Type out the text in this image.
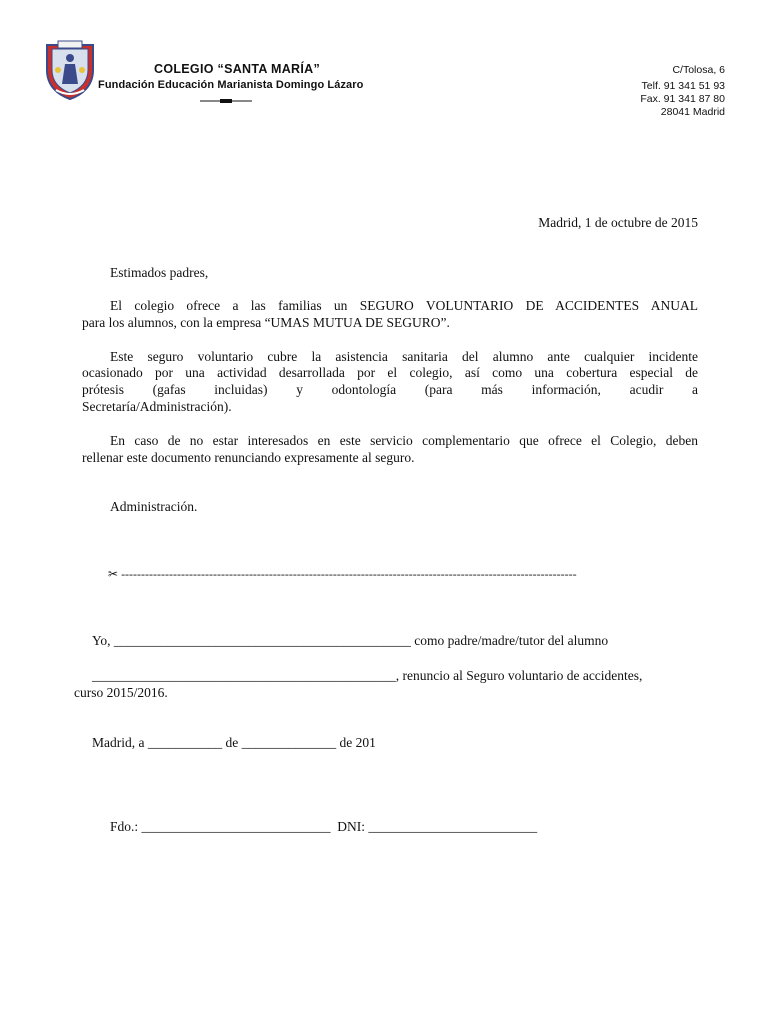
COLEGIO “SANTA MARÍA”
Fundación Educación Marianista Domingo Lázaro
C/Tolosa, 6
Telf. 91 341 51 93
Fax. 91 341 87 80
28041 Madrid
Madrid, 1 de octubre de 2015
Estimados padres,
El colegio ofrece a las familias un SEGURO VOLUNTARIO DE ACCIDENTES ANUAL
para los alumnos, con la empresa “UMAS MUTUA DE SEGURO”.
Este seguro voluntario cubre la asistencia sanitaria del alumno ante cualquier incidente
ocasionado por una actividad desarrollada por el colegio, así como una cobertura especial de
prótesis (gafas incluidas) y odontología (para más información, acudir a
Secretaría/Administración).
En caso de no estar interesados en este servicio complementario que ofrece el Colegio, deben
rellenar este documento renunciando expresamente al seguro.
Administración.
✂ ------------------------------------------------------------------------------------------------------------------
Yo, ____________________________________________ como padre/madre/tutor del alumno
_____________________________________________, renuncio al Seguro voluntario de accidentes,
curso 2015/2016.
Madrid, a ___________ de ______________ de 201
Fdo.: ____________________________ DNI: _________________________
